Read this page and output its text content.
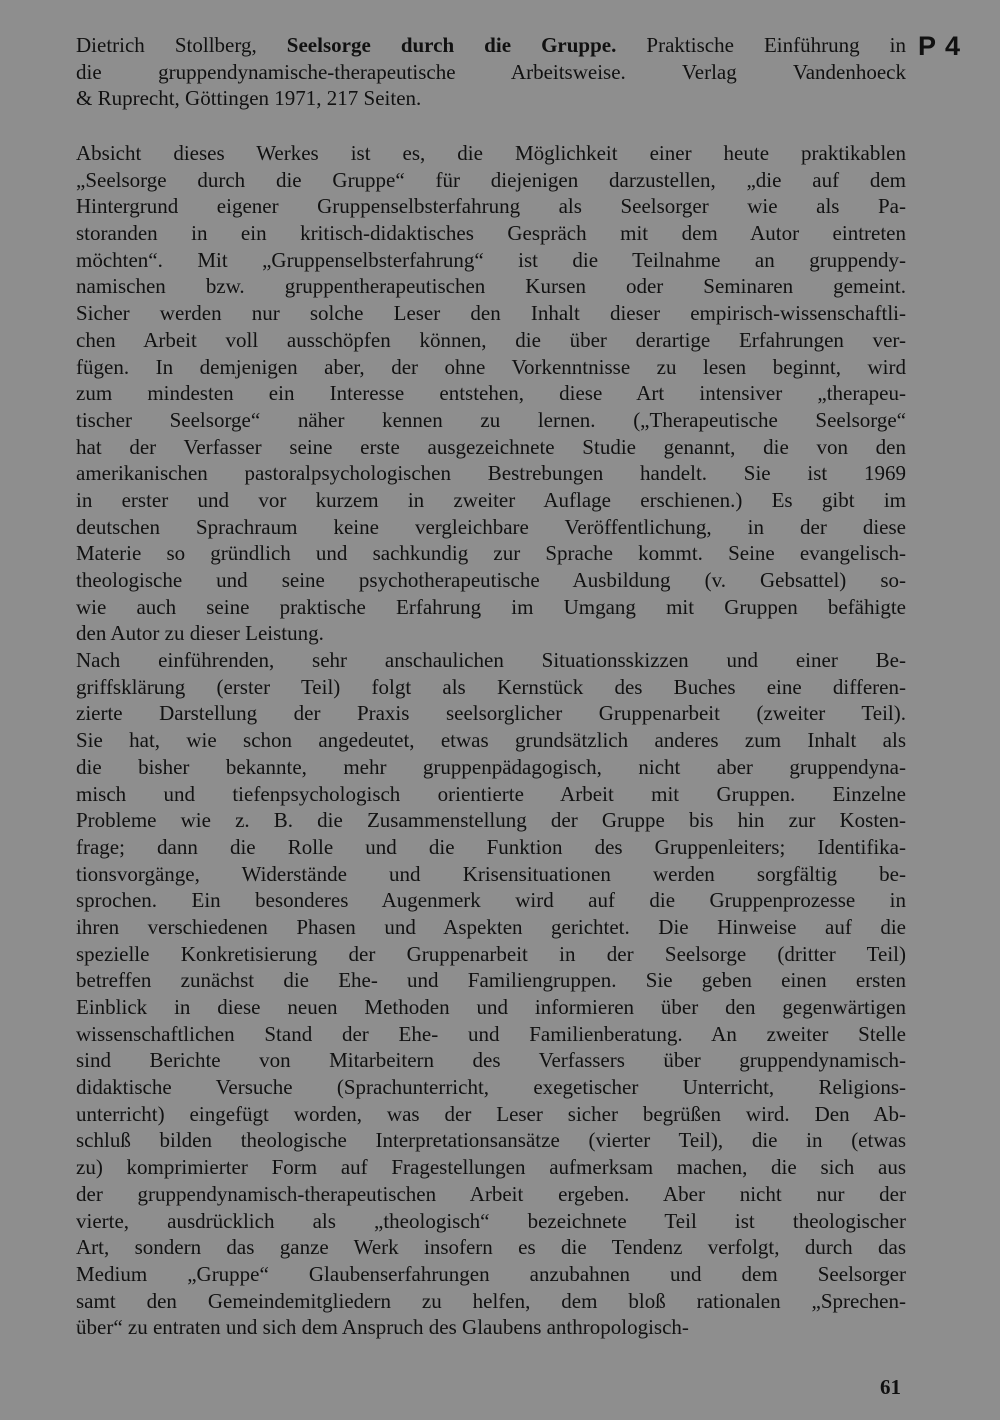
Dietrich Stollberg, Seelsorge durch die Gruppe. Praktische Einführung in
die gruppendynamische-therapeutische Arbeitsweise. Verlag Vandenhoeck
& Ruprecht, Göttingen 1971, 217 Seiten.
P 4
Absicht dieses Werkes ist es, die Möglichkeit einer heute praktikablen
„Seelsorge durch die Gruppe“ für diejenigen darzustellen, „die auf dem
Hintergrund eigener Gruppenselbsterfahrung als Seelsorger wie als Pa-
storanden in ein kritisch-didaktisches Gespräch mit dem Autor eintreten
möchten“. Mit „Gruppenselbsterfahrung“ ist die Teilnahme an gruppendy-
namischen bzw. gruppentherapeutischen Kursen oder Seminaren gemeint.
Sicher werden nur solche Leser den Inhalt dieser empirisch-wissenschaftli-
chen Arbeit voll ausschöpfen können, die über derartige Erfahrungen ver-
fügen. In demjenigen aber, der ohne Vorkenntnisse zu lesen beginnt, wird
zum mindesten ein Interesse entstehen, diese Art intensiver „therapeu-
tischer Seelsorge“ näher kennen zu lernen. („Therapeutische Seelsorge“
hat der Verfasser seine erste ausgezeichnete Studie genannt, die von den
amerikanischen pastoralpsychologischen Bestrebungen handelt. Sie ist 1969
in erster und vor kurzem in zweiter Auflage erschienen.) Es gibt im
deutschen Sprachraum keine vergleichbare Veröffentlichung, in der diese
Materie so gründlich und sachkundig zur Sprache kommt. Seine evangelisch-
theologische und seine psychotherapeutische Ausbildung (v. Gebsattel) so-
wie auch seine praktische Erfahrung im Umgang mit Gruppen befähigte
den Autor zu dieser Leistung.
Nach einführenden, sehr anschaulichen Situationsskizzen und einer Be-
griffsklärung (erster Teil) folgt als Kernstück des Buches eine differen-
zierte Darstellung der Praxis seelsorglicher Gruppenarbeit (zweiter Teil).
Sie hat, wie schon angedeutet, etwas grundsätzlich anderes zum Inhalt als
die bisher bekannte, mehr gruppenpädagogisch, nicht aber gruppendyna-
misch und tiefenpsychologisch orientierte Arbeit mit Gruppen. Einzelne
Probleme wie z. B. die Zusammenstellung der Gruppe bis hin zur Kosten-
frage; dann die Rolle und die Funktion des Gruppenleiters; Identifika-
tionsvorgänge, Widerstände und Krisensituationen werden sorgfältig be-
sprochen. Ein besonderes Augenmerk wird auf die Gruppenprozesse in
ihren verschiedenen Phasen und Aspekten gerichtet. Die Hinweise auf die
spezielle Konkretisierung der Gruppenarbeit in der Seelsorge (dritter Teil)
betreffen zunächst die Ehe- und Familiengruppen. Sie geben einen ersten
Einblick in diese neuen Methoden und informieren über den gegenwärtigen
wissenschaftlichen Stand der Ehe- und Familienberatung. An zweiter Stelle
sind Berichte von Mitarbeitern des Verfassers über gruppendynamisch-
didaktische Versuche (Sprachunterricht, exegetischer Unterricht, Religions-
unterricht) eingefügt worden, was der Leser sicher begrüßen wird. Den Ab-
schluß bilden theologische Interpretationsansätze (vierter Teil), die in (etwas
zu) komprimierter Form auf Fragestellungen aufmerksam machen, die sich aus
der gruppendynamisch-therapeutischen Arbeit ergeben. Aber nicht nur der
vierte, ausdrücklich als „theologisch“ bezeichnete Teil ist theologischer
Art, sondern das ganze Werk insofern es die Tendenz verfolgt, durch das
Medium „Gruppe“ Glaubenserfahrungen anzubahnen und dem Seelsorger
samt den Gemeindemitgliedern zu helfen, dem bloß rationalen „Sprechen-
über“ zu entraten und sich dem Anspruch des Glaubens anthropologisch-
61
